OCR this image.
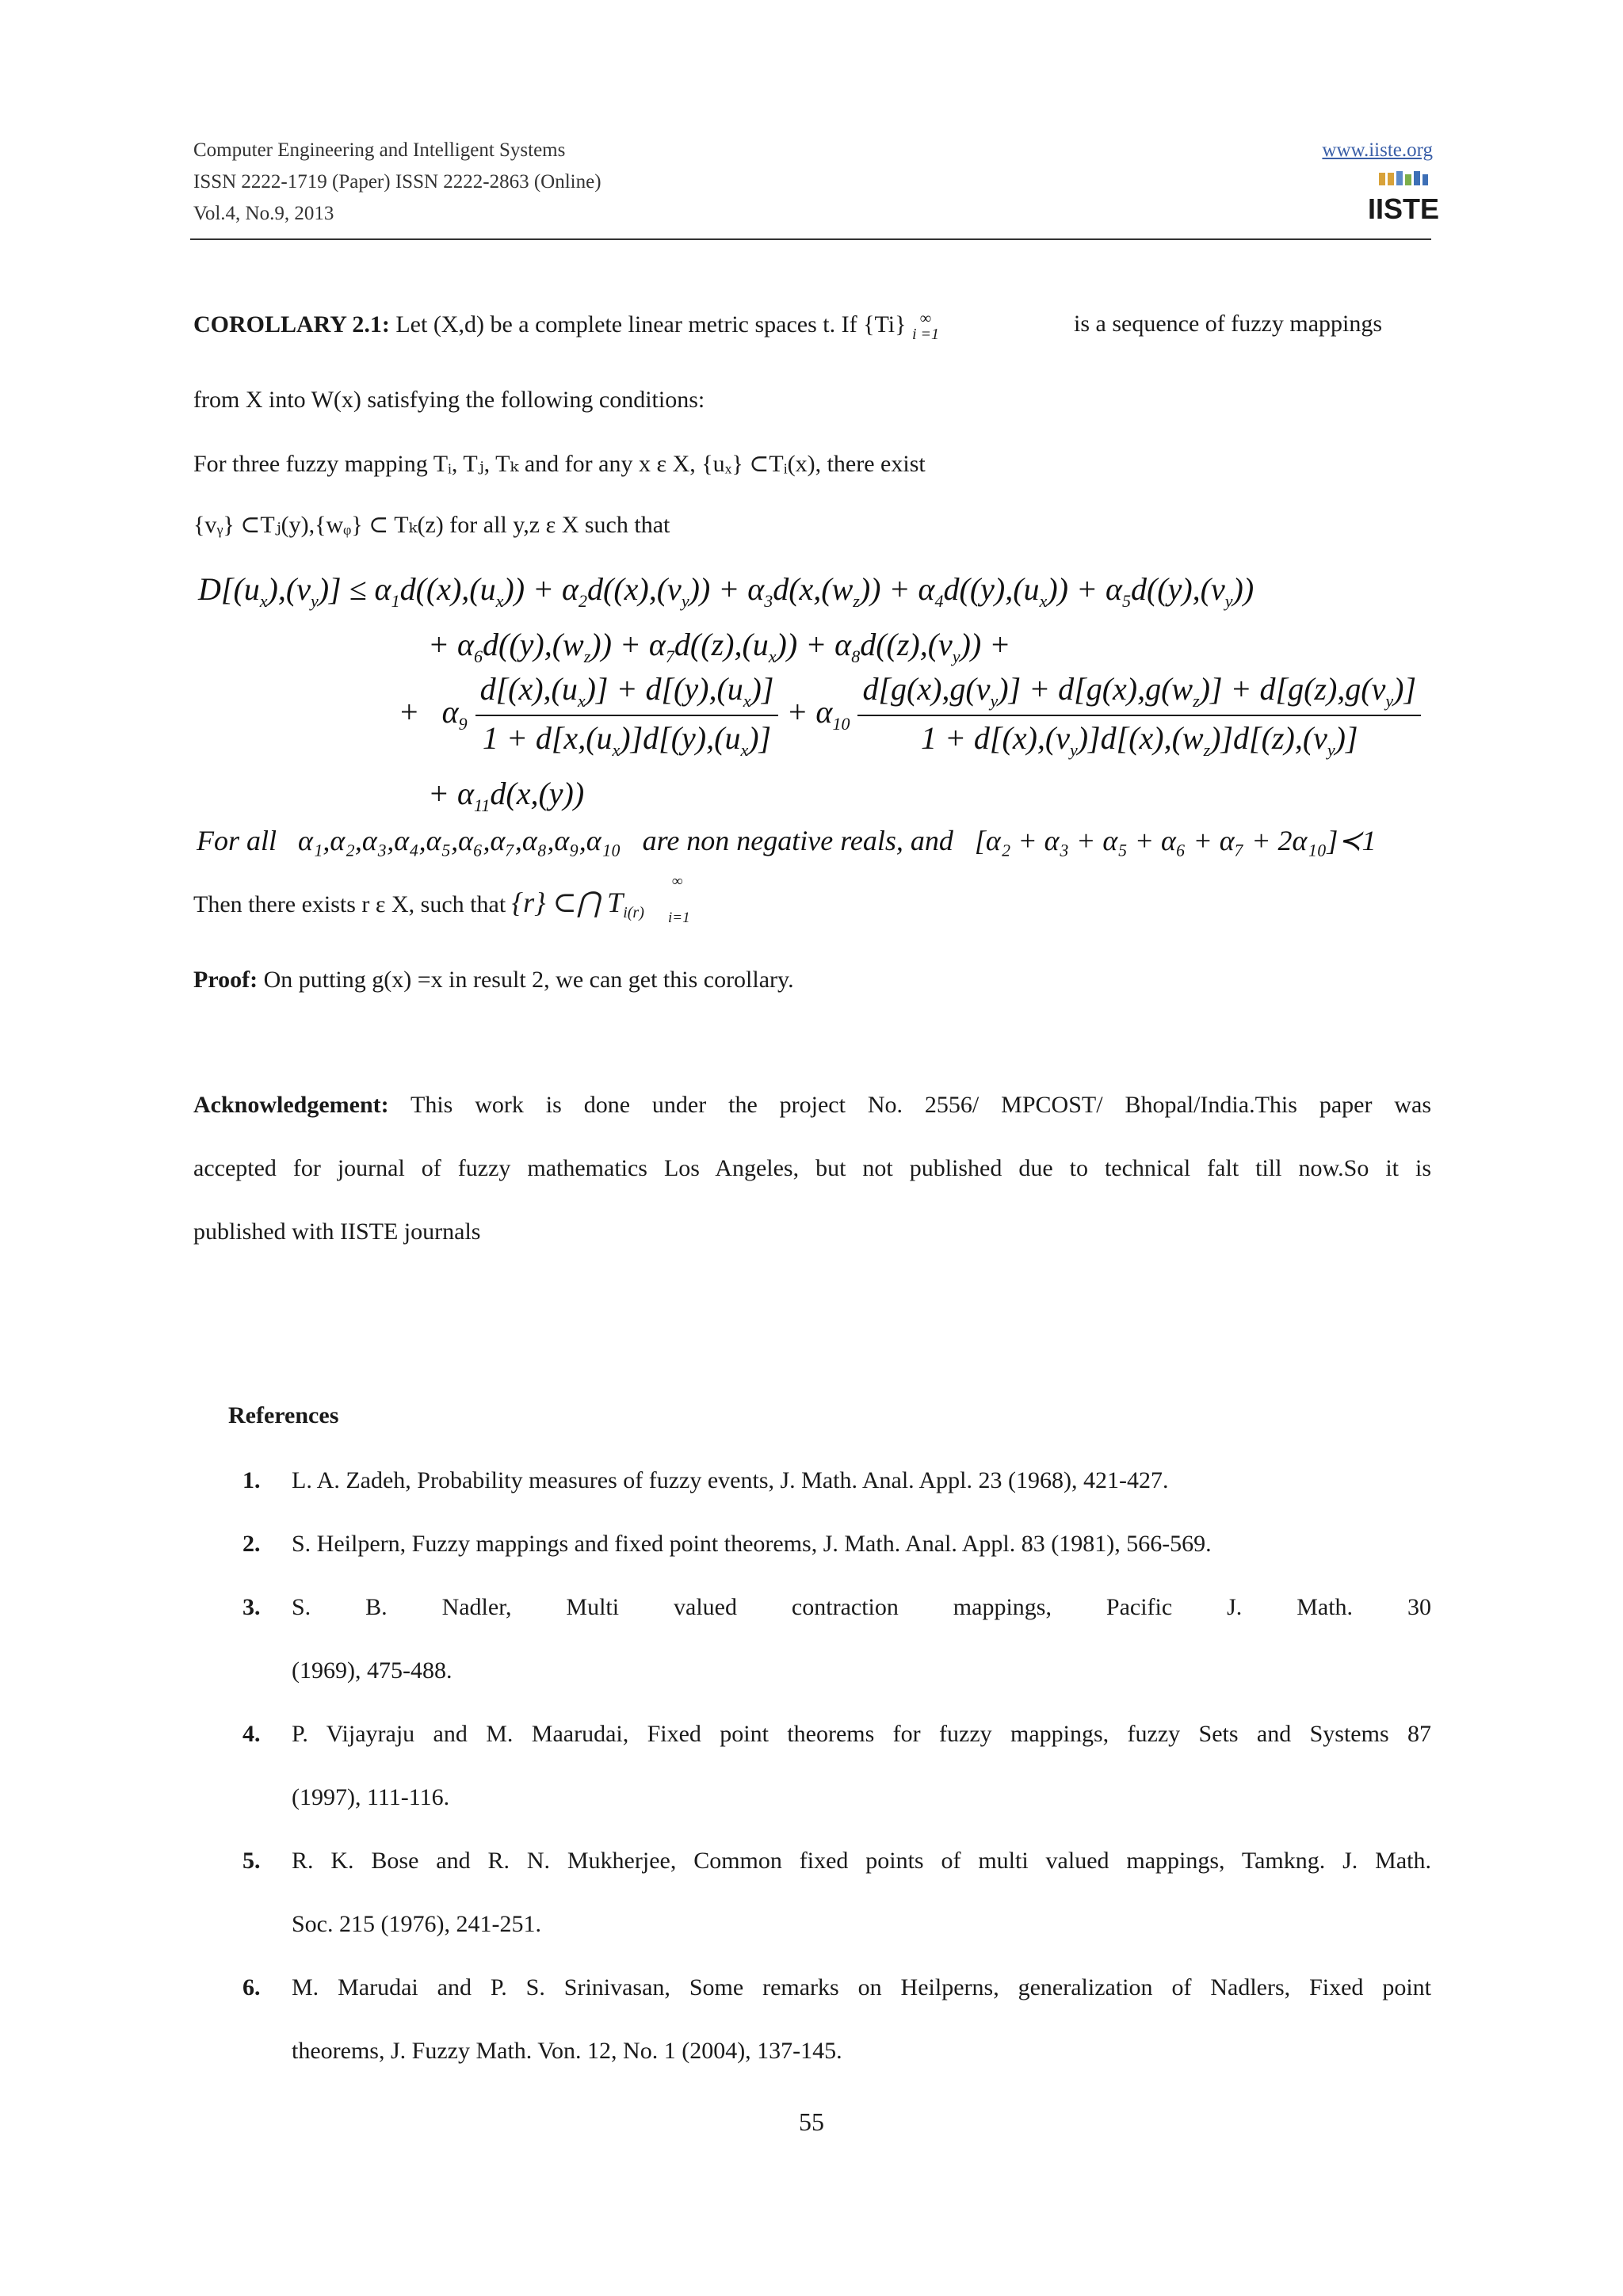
Computer Engineering and Intelligent Systems
ISSN 2222-1719 (Paper) ISSN 2222-2863 (Online)
Vol.4, No.9, 2013
www.iiste.org
IISTE
COROLLARY 2.1: Let (X,d) be a complete linear metric spaces t. If {Ti} ∞
i =1	is a sequence of fuzzy mappings
from X into W(x) satisfying the following conditions:
For three fuzzy mapping Tᵢ, Tⱼ, Tₖ and for any x ε X, {uₓ} ⊂Tᵢ(x), there exist
{vᵧ} ⊂Tⱼ(y),{wᵩ} ⊂ Tₖ(z) for all y,z ε X such that
$D[(u_x),(v_y)] \le \alpha_1d((x),(u_x)) + \alpha_2d((x),(v_y)) + \alpha_3d(x,(w_z)) + \alpha_4d((y),(u_x)) + \alpha_5d((y),(v_y))$
+ $\alpha_6d((y),(w_z)) + \alpha_7d((z),(u_x)) + \alpha_8d((z),(v_y))$ +
+   $\alpha_9 \frac{d[(x),(u_x)] + d[(y),(u_x)]}{1 + d[x,(u_x)]d[(y),(u_x)]} + \alpha_{10} \frac{d[g(x),g(v_y)] + d[g(x),g(w_z)] + d[g(z),g(v_y)]}{1 + d[(x),(v_y)]d[(x),(w_z)]d[(z),(v_y)]}$
+ $\alpha_{11}d(x,(y))$
For all α₁,α₂,α₃,α₄,α₅,α₆,α₇,α₈,α₉,α₁₀ are non negative reals, and [α₂ + α₃ + α₅ + α₆ + α₇ + 2α₁₀]≺1
Then there exists r ε X, such that {r} ⊂⋂ $T_{i(r)}$
∞
i=1
Proof: On putting g(x) =x in result 2, we can get this corollary.
Acknowledgement: This work is done under the project No. 2556/ MPCOST/ Bhopal/India.This paper was
accepted for journal of fuzzy mathematics Los Angeles, but not published due to technical falt till now.So it is
published with IISTE journals
References
1. L. A. Zadeh, Probability measures of fuzzy events, J. Math. Anal. Appl. 23 (1968), 421-427.
2. S. Heilpern, Fuzzy mappings and fixed point theorems, J. Math. Anal. Appl. 83 (1981), 566-569.
3. S.      B.      Nadler,      Multi      valued      contraction      mappings,      Pacific      J.      Math.      30
(1969), 475-488.
4. P. Vijayraju and M. Maarudai, Fixed point theorems for fuzzy mappings, fuzzy Sets and Systems 87
(1997), 111-116.
5. R. K. Bose and R. N. Mukherjee, Common fixed points of multi valued mappings, Tamkng. J. Math.
Soc. 215 (1976), 241-251.
6. M. Marudai and P. S. Srinivasan, Some remarks on Heilperns, generalization of Nadlers, Fixed point
theorems, J. Fuzzy Math. Von. 12, No. 1 (2004), 137-145.
55
